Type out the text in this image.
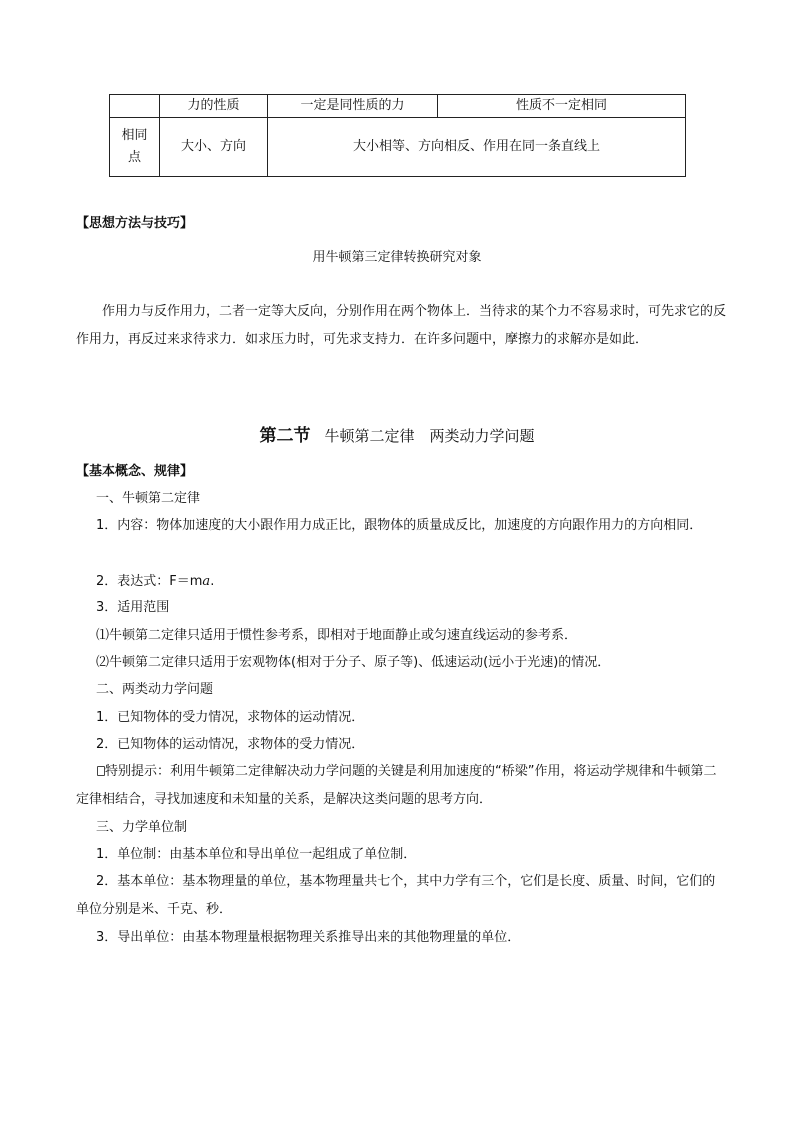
	力的性质	一定是同性质的力	性质不一定相同
相同点	大小、方向	大小相等、方向相反、作用在同一条直线上	
【思想方法与技巧】
用牛顿第三定律转换研究对象
作用力与反作用力，二者一定等大反向，分别作用在两个物体上．当待求的某个力不容易求时，可先求它的反作用力，再反过来求待求力．如求压力时，可先求支持力．在许多问题中，摩擦力的求解亦是如此．
第二节 牛顿第二定律　两类动力学问题
【基本概念、规律】
一、牛顿第二定律
1．内容：物体加速度的大小跟作用力成正比，跟物体的质量成反比，加速度的方向跟作用力的方向相同．
2．表达式：F＝ma.
3．适用范围
⑴牛顿第二定律只适用于惯性参考系，即相对于地面静止或匀速直线运动的参考系．
⑵牛顿第二定律只适用于宏观物体(相对于分子、原子等)、低速运动(远小于光速)的情况．
二、两类动力学问题
1．已知物体的受力情况，求物体的运动情况．
2．已知物体的运动情况，求物体的受力情况．
特别提示：利用牛顿第二定律解决动力学问题的关键是利用加速度的“桥梁”作用，将运动学规律和牛顿第二定律相结合，寻找加速度和未知量的关系，是解决这类问题的思考方向．
三、力学单位制
1．单位制：由基本单位和导出单位一起组成了单位制．
2．基本单位：基本物理量的单位，基本物理量共七个，其中力学有三个，它们是长度、质量、时间，它们的单位分别是米、千克、秒．
3．导出单位：由基本物理量根据物理关系推导出来的其他物理量的单位．
